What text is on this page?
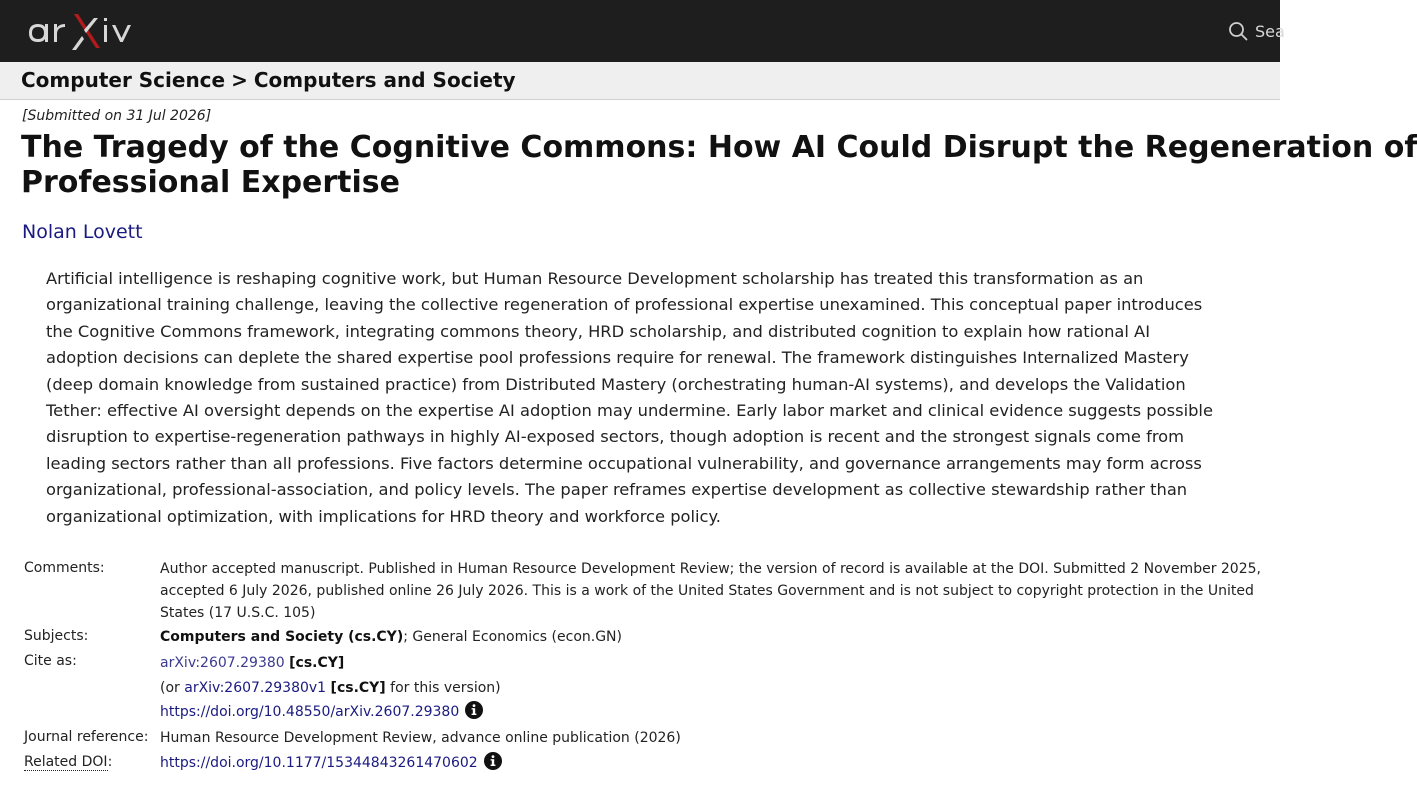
Sea
Computer Science > Computers and Society
[Submitted on 31 Jul 2026]
The Tragedy of the Cognitive Commons: How AI Could Disrupt the Regeneration of
Professional Expertise
Nolan Lovett
Artificial intelligence is reshaping cognitive work, but Human Resource Development scholarship has treated this transformation as an
organizational training challenge, leaving the collective regeneration of professional expertise unexamined. This conceptual paper introduces
the Cognitive Commons framework, integrating commons theory, HRD scholarship, and distributed cognition to explain how rational AI
adoption decisions can deplete the shared expertise pool professions require for renewal. The framework distinguishes Internalized Mastery
(deep domain knowledge from sustained practice) from Distributed Mastery (orchestrating human-AI systems), and develops the Validation
Tether: effective AI oversight depends on the expertise AI adoption may undermine. Early labor market and clinical evidence suggests possible
disruption to expertise-regeneration pathways in highly AI-exposed sectors, though adoption is recent and the strongest signals come from
leading sectors rather than all professions. Five factors determine occupational vulnerability, and governance arrangements may form across
organizational, professional-association, and policy levels. The paper reframes expertise development as collective stewardship rather than
organizational optimization, with implications for HRD theory and workforce policy.
Comments:	Author accepted manuscript. Published in Human Resource Development Review; the version of record is available at the DOI. Submitted 2 November 2025,
accepted 6 July 2026, published online 26 July 2026. This is a work of the United States Government and is not subject to copyright protection in the United
States (17 U.S.C. 105)
Subjects:	Computers and Society (cs.CY); General Economics (econ.GN)
Cite as:	arXiv:2607.29380 [cs.CY]
(or arXiv:2607.29380v1 [cs.CY] for this version)
https://doi.org/10.48550/arXiv.2607.29380
Journal reference: Human Resource Development Review, advance online publication (2026)
Related DOI:	https://doi.org/10.1177/15344843261470602
